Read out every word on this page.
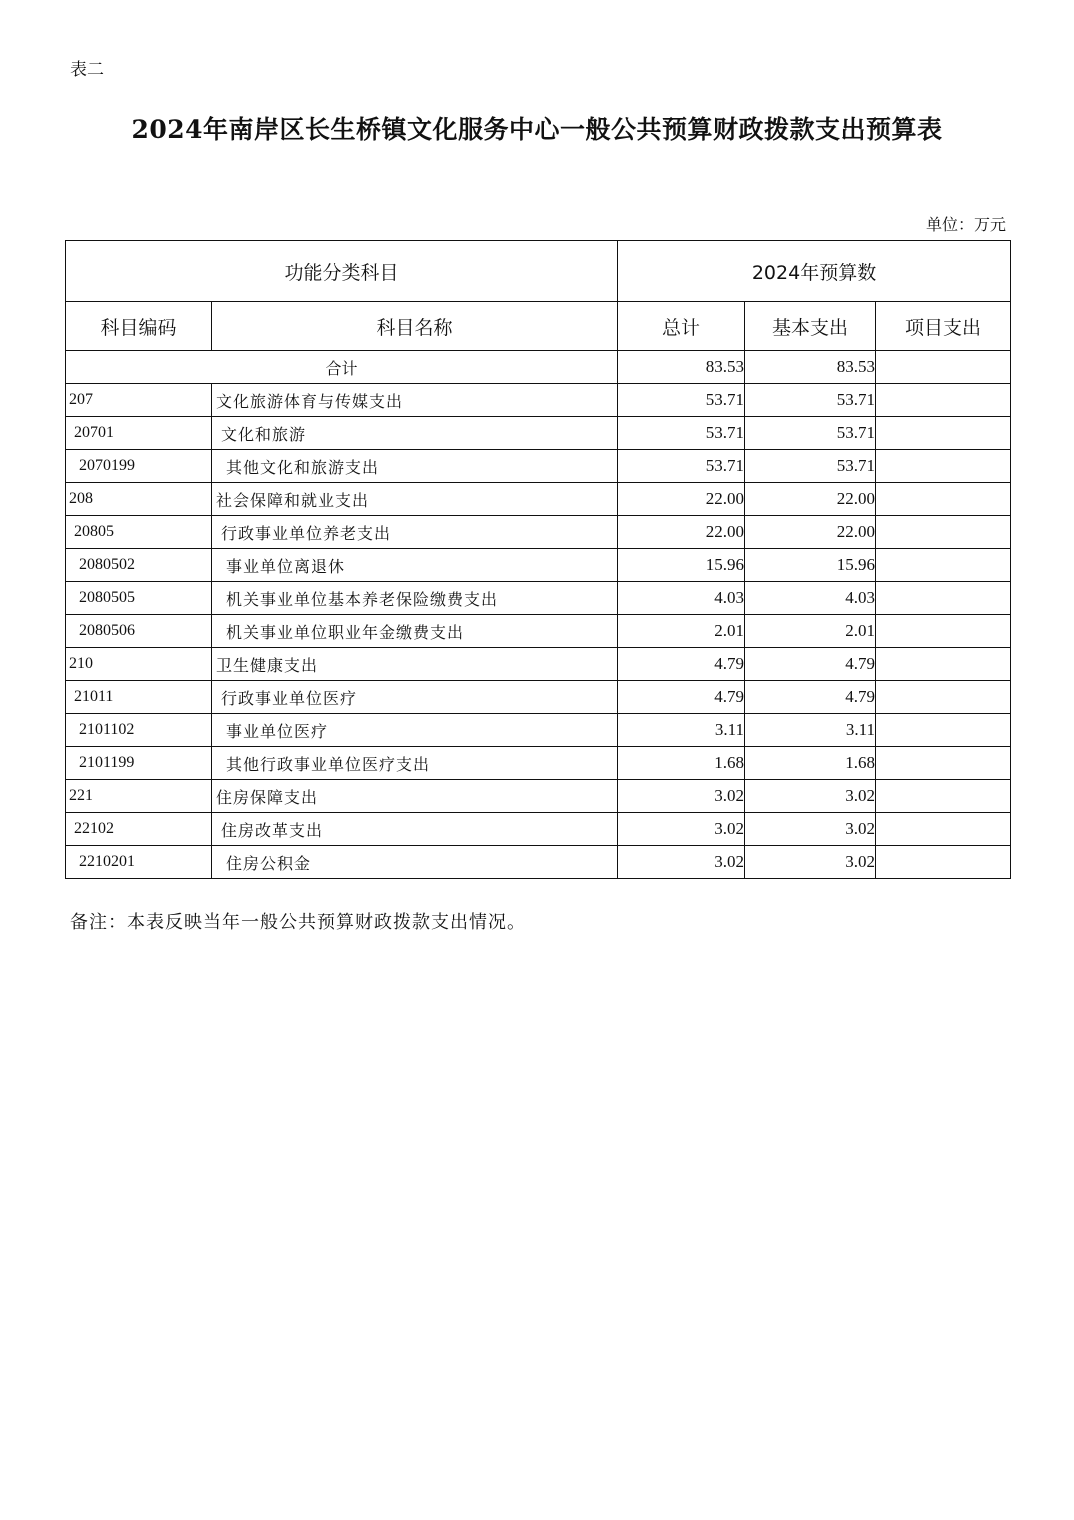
表二
2024年南岸区长生桥镇文化服务中心一般公共预算财政拨款支出预算表
单位：万元
功能分类科目		2024年预算数		
科目编码	科目名称	总计	基本支出	项目支出
合计		83.53	83.53	
207	文化旅游体育与传媒支出	53.71	53.71	
20701	文化和旅游	53.71	53.71	
2070199	其他文化和旅游支出	53.71	53.71	
208	社会保障和就业支出	22.00	22.00	
20805	行政事业单位养老支出	22.00	22.00	
2080502	事业单位离退休	15.96	15.96	
2080505	机关事业单位基本养老保险缴费支出	4.03	4.03	
2080506	机关事业单位职业年金缴费支出	2.01	2.01	
210	卫生健康支出	4.79	4.79	
21011	行政事业单位医疗	4.79	4.79	
2101102	事业单位医疗	3.11	3.11	
2101199	其他行政事业单位医疗支出	1.68	1.68	
221	住房保障支出	3.02	3.02	
22102	住房改革支出	3.02	3.02	
2210201	住房公积金	3.02	3.02	
备注：本表反映当年一般公共预算财政拨款支出情况。
